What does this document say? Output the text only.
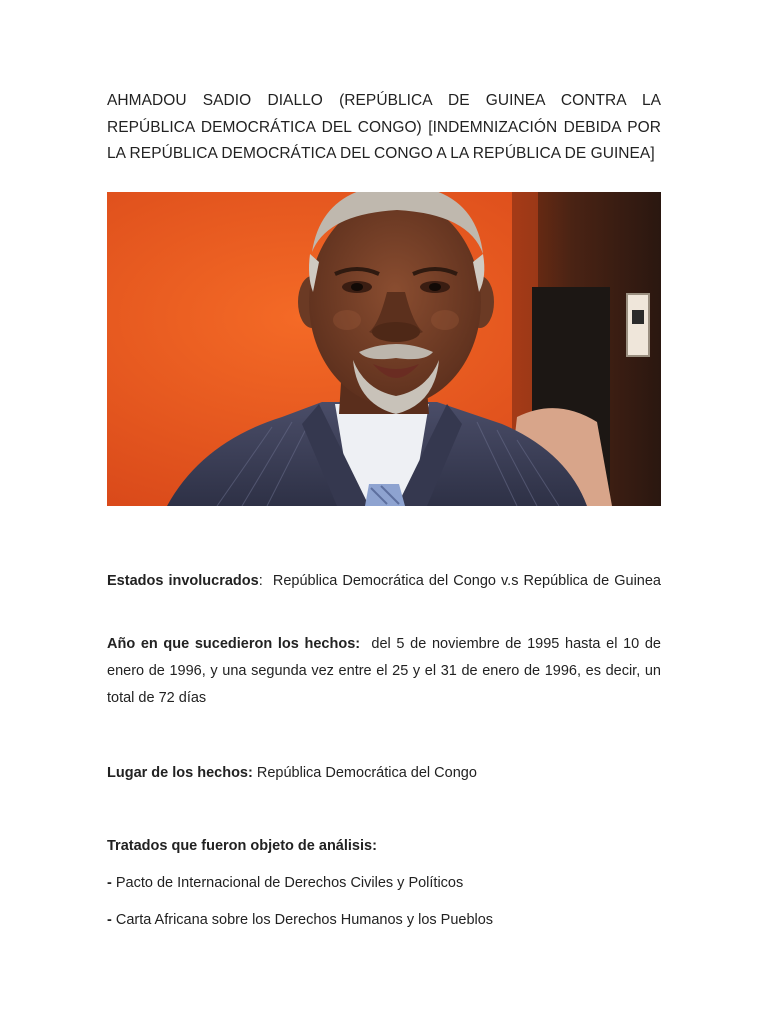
AHMADOU SADIO DIALLO (REPÚBLICA DE GUINEA CONTRA LA REPÚBLICA DEMOCRÁTICA DEL CONGO) [INDEMNIZACIÓN DEBIDA POR LA REPÚBLICA DEMOCRÁTICA DEL CONGO A LA REPÚBLICA DE GUINEA]

Estados involucrados: República Democrática del Congo v.s República de Guinea

Año en que sucedieron los hechos: del 5 de noviembre de 1995 hasta el 10 de enero de 1996, y una segunda vez entre el 25 y el 31 de enero de 1996, es decir, un total de 72 días

Lugar de los hechos: República Democrática del Congo

Tratados que fueron objeto de análisis:

- Pacto de Internacional de Derechos Civiles y Políticos

- Carta Africana sobre los Derechos Humanos y los Pueblos
